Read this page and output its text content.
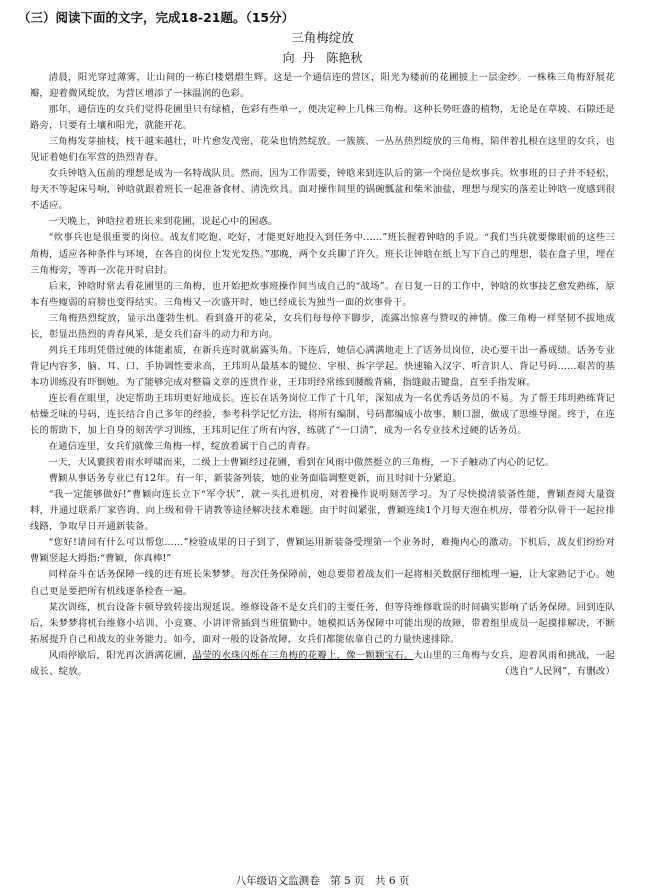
（三）阅读下面的文字，完成18-21题。（15分）
三角梅绽放
向 丹　陈艳秋

清晨，阳光穿过薄雾，让山间的一栋白楼熠熠生辉。这是一个通信连的营区，阳光为楼前的花圃披上一层金纱。一株株三角梅舒展花瓣，迎着微风绽放，为营区增添了一抹温润的色彩。

那年，通信连的女兵们觉得花圃里只有绿植，色彩有些单一，便决定种上几株三角梅。这种长势旺盛的植物，无论是在草坡、石隙还是路旁，只要有土壤和阳光，就能开花。

三角梅发芽抽枝，枝干越来越壮，叶片愈发茂密，花朵也悄然绽放。一簇簇、一丛丛热烈绽放的三角梅，陪伴着扎根在这里的女兵，也见证着她们在军营的热烈青春。

女兵钟晗入伍前的理想是成为一名特战队员。然而，因为工作需要，钟晗来到连队后的第一个岗位是炊事兵。炊事班的日子并不轻松，每天不等起床号响，钟晗就跟着班长一起准备食材、清洗炊具。面对操作间里的锅碗瓢盆和柴米油盐，理想与现实的落差让钟晗一度感到很不适应。

一天晚上，钟晗拉着班长来到花圃，说起心中的困惑。

“炊事兵也是很重要的岗位。战友们吃饱、吃好，才能更好地投入到任务中……”班长握着钟晗的手说。“我们当兵就要像眼前的这些三角梅，适应各种条件与环境，在各自的岗位上发光发热。”那晚，两个女兵聊了许久。班长让钟晗在纸上写下自己的理想，装在盒子里，埋在三角梅旁，等再一次花开时启封。

后来，钟晗时常去看花圃里的三角梅，也开始把炊事班操作间当成自己的“战场”。在日复一日的工作中，钟晗的炊事技艺愈发熟练，原本有些瘦弱的肩膀也变得结实。三角梅又一次盛开时，她已经成长为独当一面的炊事骨干。

三角梅热烈绽放，显示出蓬勃生机。看到盛开的花朵，女兵们每每停下脚步，流露出惊喜与赞叹的神情。像三角梅一样坚韧不拔地成长，彰显出热烈的青春风采，是女兵们奋斗的动力和方向。

列兵王玮玥凭借过硬的体能素质，在新兵连时就崭露头角。下连后，她信心满满地走上了话务员岗位，决心要干出一番成绩。话务专业背记内容多，脑、耳、口、手协调性要求高，王玮玥从最基本的键位、字根、拆字学起。快速输入汉字、听音识人、背记号码……艰苦的基本功训练没有吓倒她。为了能够完成对整篇文章的连贯作业，王玮玥经常练到腰酸背痛，指缝敲击键盘，直至手指发麻。

连长看在眼里，决定帮助王玮玥更好地成长。连长在话务岗位工作了十几年，深知成为一名优秀话务员的不易。为了帮王玮玥熟练背记枯燥乏味的号码，连长结合自己多年的经验，参考科学记忆方法，将所有编制、号码都编成小故事、顺口溜，做成了思维导图。终于，在连长的帮助下，加上自身的刻苦学习训练，王玮玥记住了所有内容，练就了“一口清”，成为一名专业技术过硬的话务员。

在通信连里，女兵们就像三角梅一样，绽放着属于自己的青春。

一天，大风裹挟着雨水呼啸而来，二级上士曹颖经过花圃，看到在风雨中傲然挺立的三角梅，一下子触动了内心的记忆。

曹颖从事话务专业已有12年。有一年，新装备列装，她的业务面临调整更新，而且时间十分紧迫。

“我一定能够做好!”曹颖向连长立下“军令状”，就一头扎进机房，对着操作说明刻苦学习。为了尽快摸清装备性能，曹颖查阅大量资料，并通过联系厂家咨询、向上级和骨干请教等途径解决技术难题。由于时间紧张，曹颖连续1个月每天泡在机房，带着分队骨干一起拉排线路，争取早日开通新装备。

“您好!请问有什么可以帮您……”检验成果的日子到了，曹颖运用新装备受理第一个业务时，难掩内心的激动。下机后，战友们纷纷对曹颖竖起大拇指:“曹颖，你真棒!”

同样奋斗在话务保障一线的还有班长朱梦梦。每次任务保障前，她总要带着战友们一起将相关数据仔细梳理一遍，让大家熟记于心。她自己更是要把所有机线逐条检查一遍。

某次训练，机台设备卡顿导致转接出现延误。维修设备不是女兵们的主要任务，但等待维修耽误的时间确实影响了话务保障。回到连队后，朱梦梦将机台维修小培训、小竞赛、小讲评常插到当班值勤中。她模拟话务保障中可能出现的故障，带着组里成员一起摸排解决，不断拓展提升自己和战友的业务能力。如今，面对一般的设备故障，女兵们都能依靠自己的力量快速排除。

风雨停歇后，阳光再次洒满花圃，晶莹的水珠闪烁在三角梅的花瓣上，像一颗颗宝石。大山里的三角梅与女兵，迎着风雨和挑战，一起成长、绽放。	（选自“人民网”，有删改）

八年级语文监测卷　第 5 页　共 6 页
